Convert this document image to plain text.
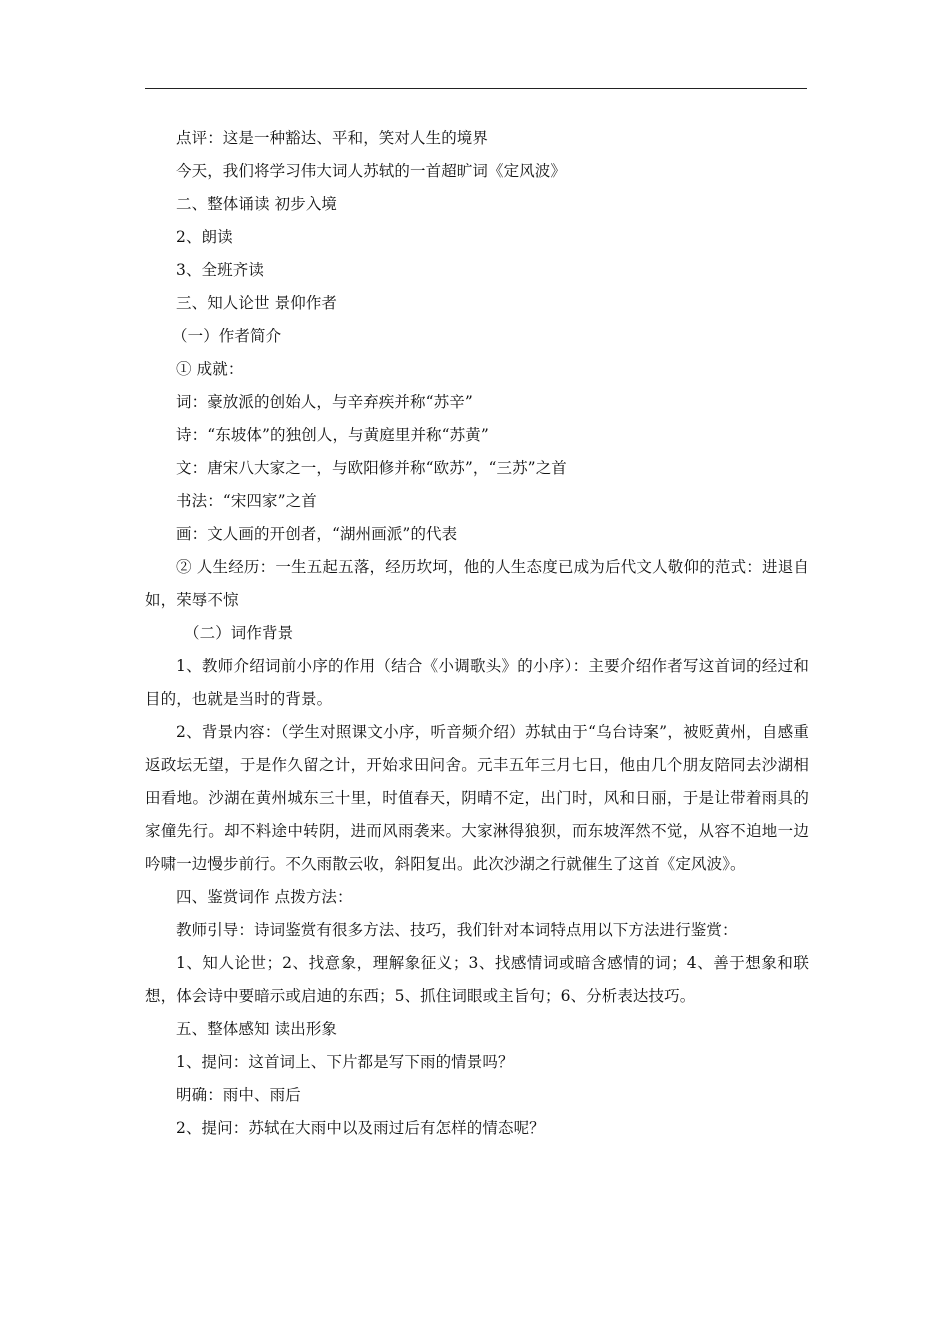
点评：这是一种豁达、平和，笑对人生的境界

今天，我们将学习伟大词人苏轼的一首超旷词《定风波》

二、整体诵读 初步入境

2、朗读

3、全班齐读

三、知人论世 景仰作者

（一）作者简介

① 成就：

词：豪放派的创始人，与辛弃疾并称“苏辛”

诗：“东坡体”的独创人，与黄庭里并称“苏黄”

文：唐宋八大家之一，与欧阳修并称“欧苏”，“三苏”之首

书法：“宋四家”之首

画：文人画的开创者，“湖州画派”的代表

② 人生经历：一生五起五落，经历坎坷，他的人生态度已成为后代文人敬仰的范式：进退自如，荣辱不惊

（二）词作背景

1、教师介绍词前小序的作用（结合《小调歌头》的小序）：主要介绍作者写这首词的经过和目的，也就是当时的背景。

2、背景内容：（学生对照课文小序，听音频介绍）苏轼由于“乌台诗案”，被贬黄州，自感重返政坛无望，于是作久留之计，开始求田问舍。元丰五年三月七日，他由几个朋友陪同去沙湖相田看地。沙湖在黄州城东三十里，时值春天，阴晴不定，出门时，风和日丽，于是让带着雨具的家僮先行。却不料途中转阴，进而风雨袭来。大家淋得狼狈，而东坡浑然不觉，从容不迫地一边吟啸一边慢步前行。不久雨散云收，斜阳复出。此次沙湖之行就催生了这首《定风波》。

四、鉴赏词作 点拨方法：

教师引导：诗词鉴赏有很多方法、技巧，我们针对本词特点用以下方法进行鉴赏：

1、知人论世；2、找意象，理解象征义；3、找感情词或暗含感情的词；4、善于想象和联想，体会诗中要暗示或启迪的东西；5、抓住词眼或主旨句；6、分析表达技巧。

五、整体感知 读出形象

1、提问：这首词上、下片都是写下雨的情景吗？

明确：雨中、雨后

2、提问：苏轼在大雨中以及雨过后有怎样的情态呢？
